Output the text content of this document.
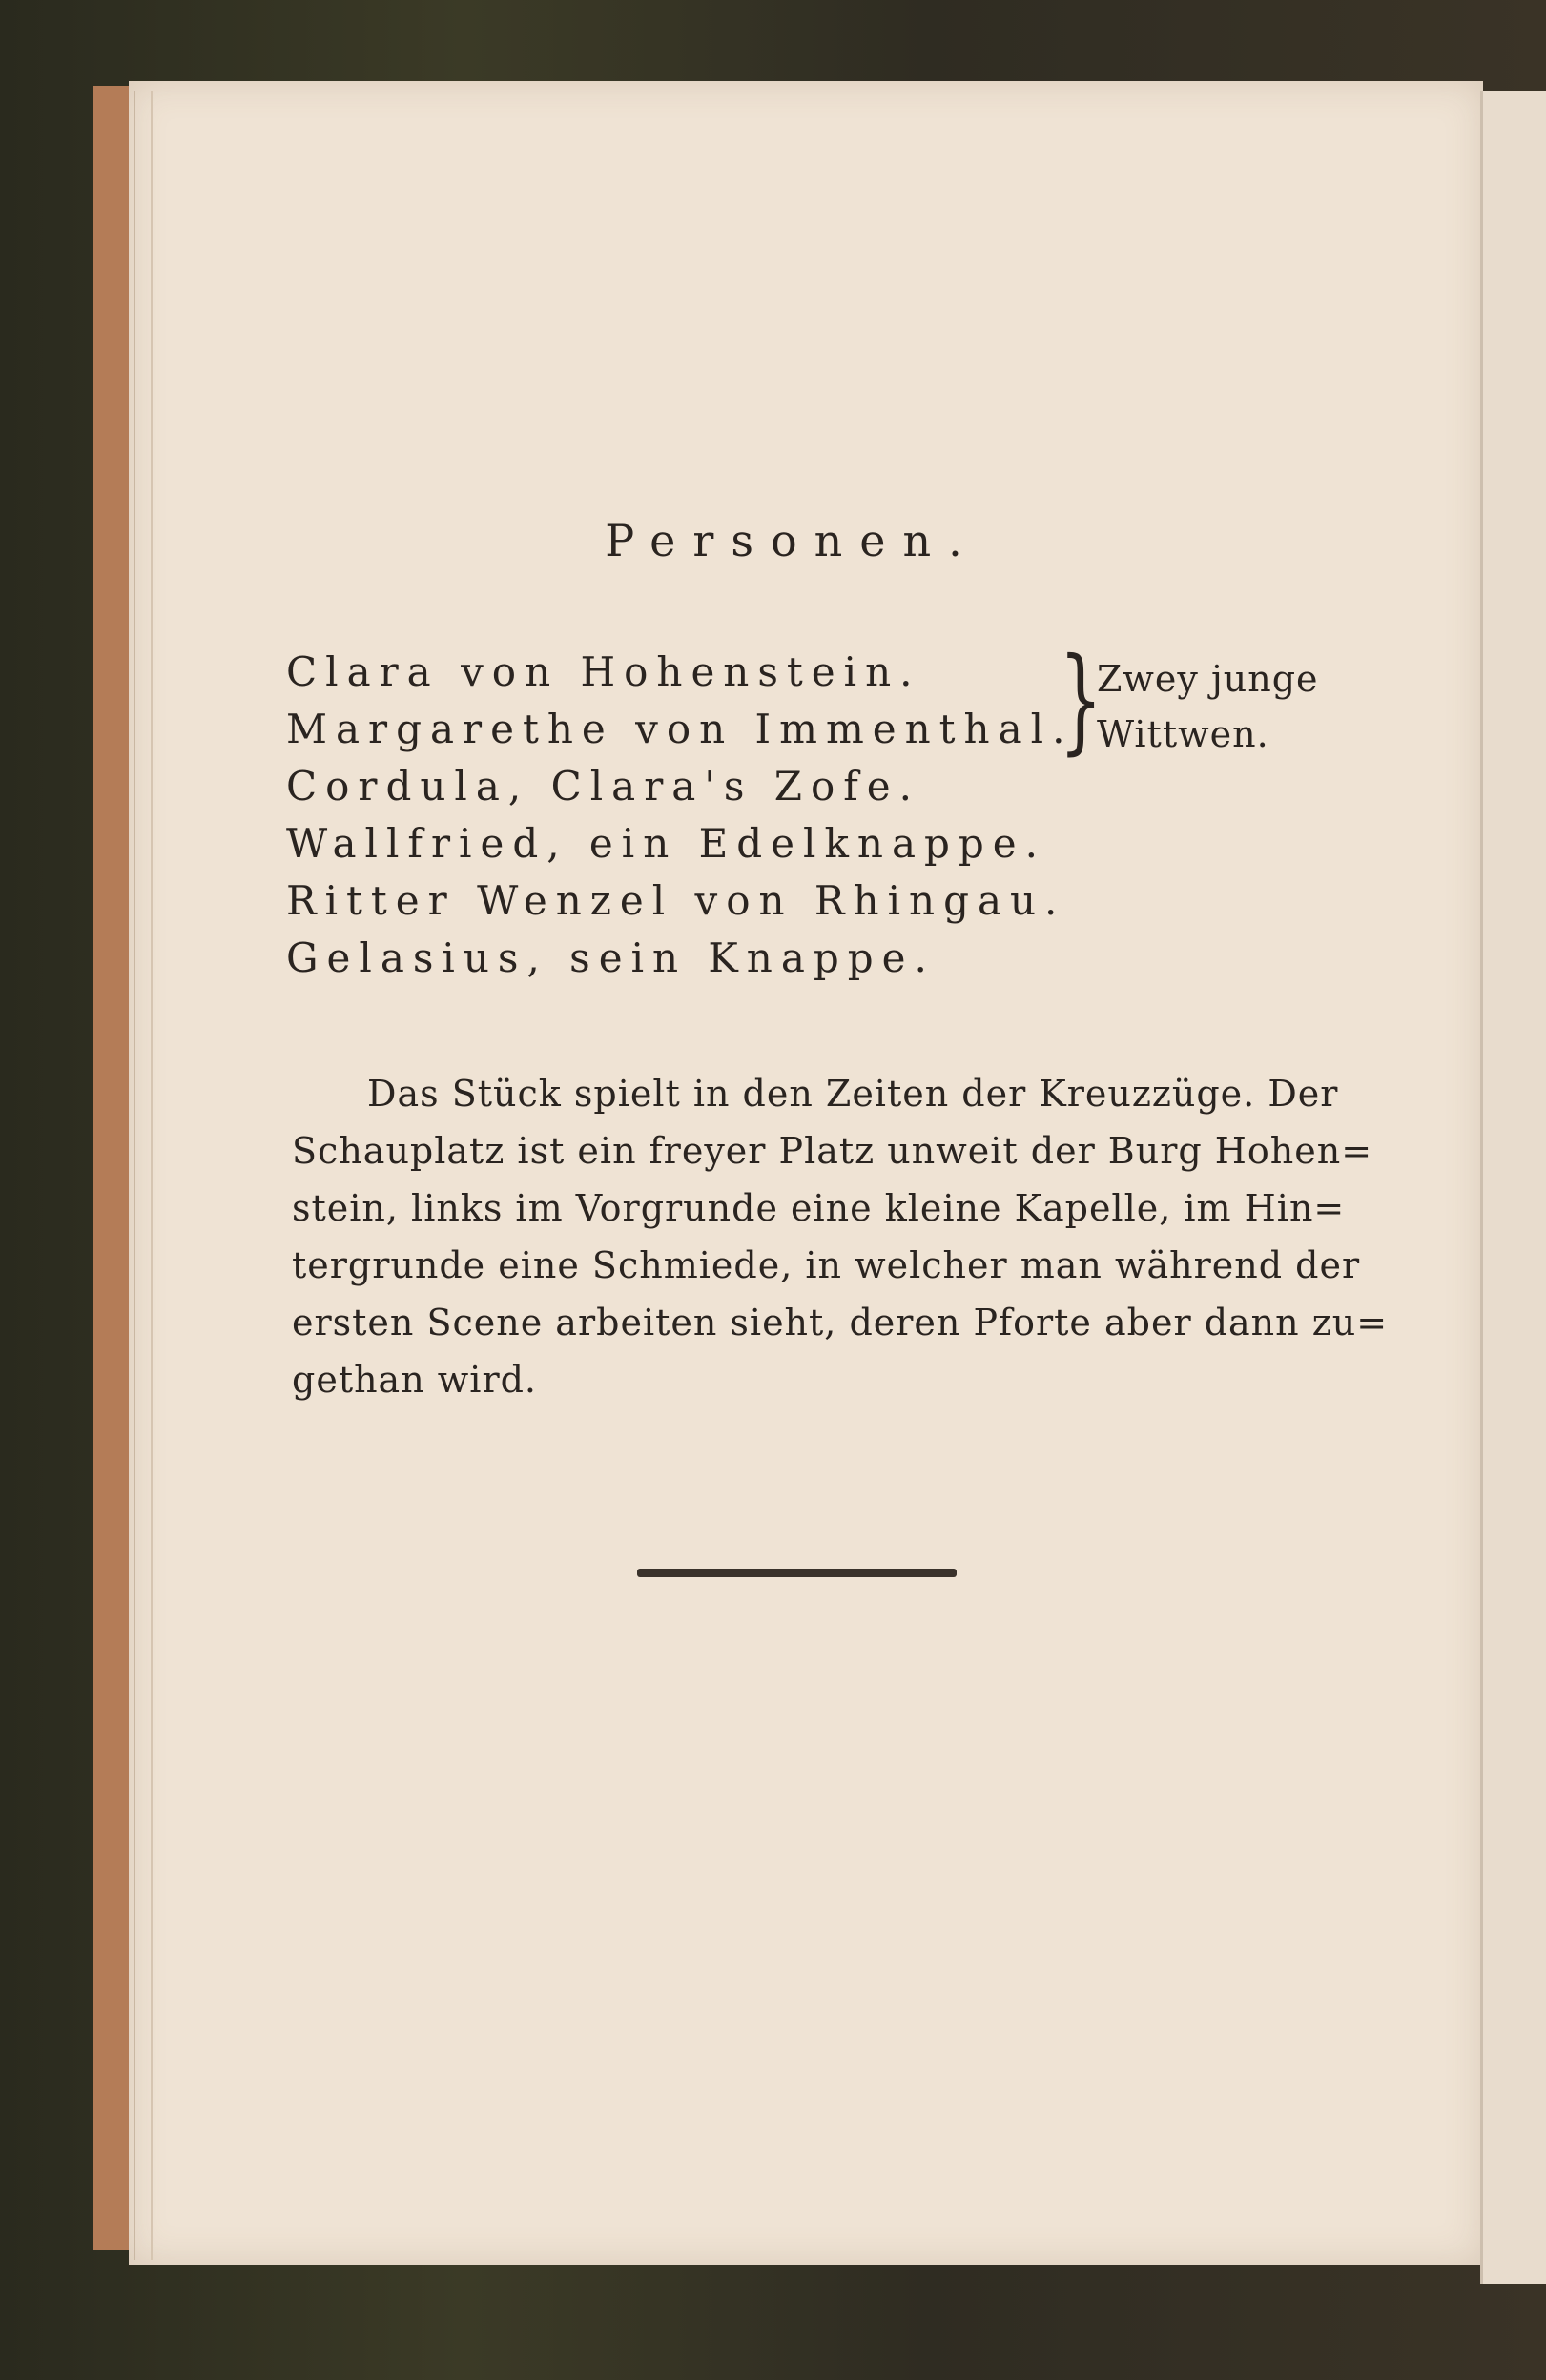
Personen.
Clara von Hohenstein.
Margarethe von Immenthal.
Cordula, Clara's Zofe.
Wallfried, ein Edelknappe.
Ritter Wenzel von Rhingau.
Gelasius, sein Knappe.
}
Zwey junge
Wittwen.
Das Stück spielt in den Zeiten der Kreuzzüge. Der
Schauplatz ist ein freyer Platz unweit der Burg Hohen=
stein, links im Vorgrunde eine kleine Kapelle, im Hin=
tergrunde eine Schmiede, in welcher man während der
ersten Scene arbeiten sieht, deren Pforte aber dann zu=
gethan wird.
